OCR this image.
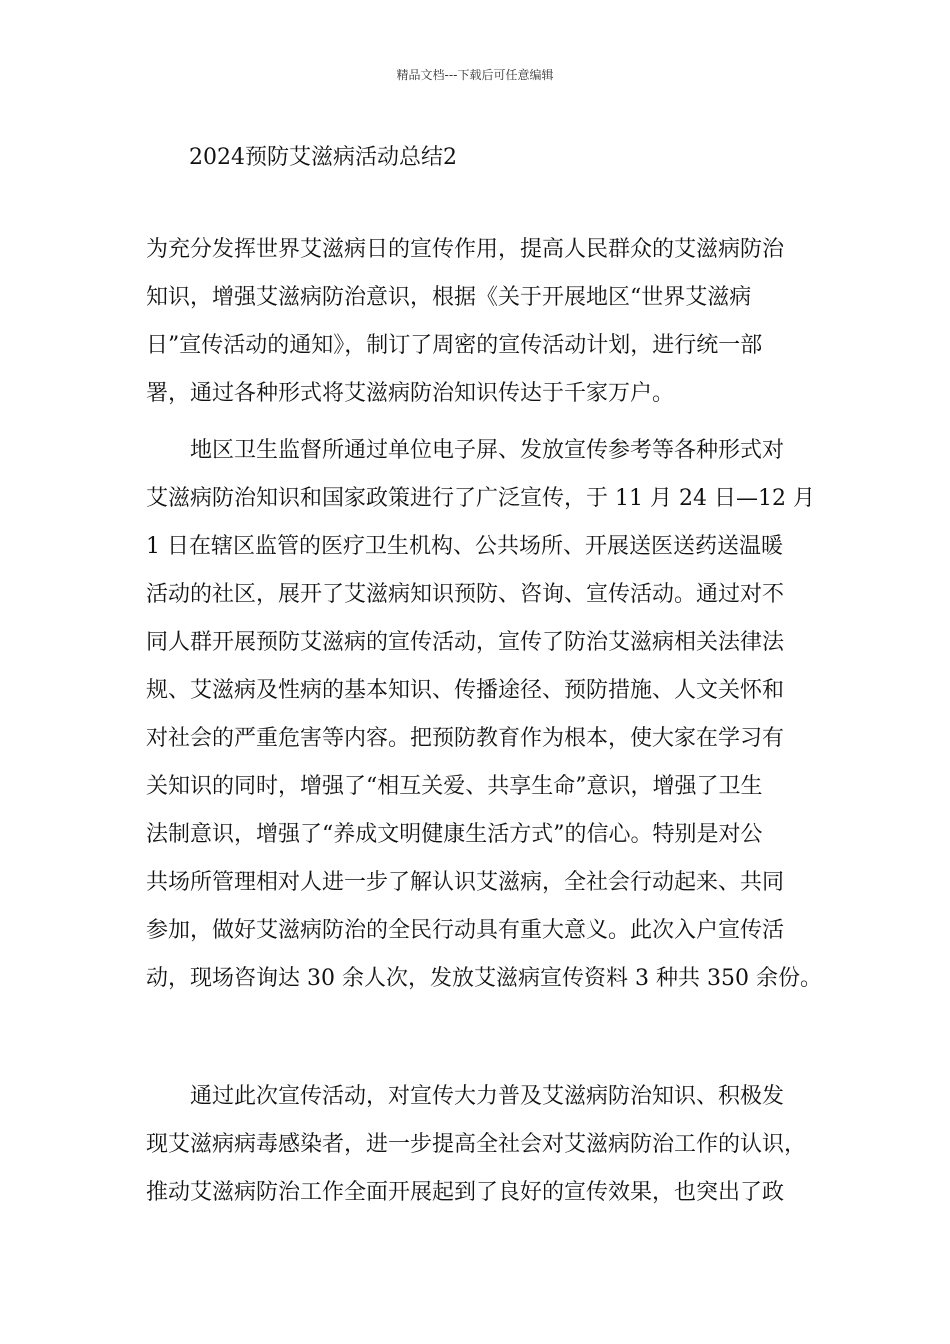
精品文档---下载后可任意编辑
2024预防艾滋病活动总结2
为充分发挥世界艾滋病日的宣传作用，提高人民群众的艾滋病防治
知识，增强艾滋病防治意识，根据《关于开展地区“世界艾滋病
日”宣传活动的通知》，制订了周密的宣传活动计划，进行统一部
署，通过各种形式将艾滋病防治知识传达于千家万户。
地区卫生监督所通过单位电子屏、发放宣传参考等各种形式对
艾滋病防治知识和国家政策进行了广泛宣传，于 11 月 24 日—12 月
1 日在辖区监管的医疗卫生机构、公共场所、开展送医送药送温暖
活动的社区，展开了艾滋病知识预防、咨询、宣传活动。通过对不
同人群开展预防艾滋病的宣传活动，宣传了防治艾滋病相关法律法
规、艾滋病及性病的基本知识、传播途径、预防措施、人文关怀和
对社会的严重危害等内容。把预防教育作为根本，使大家在学习有
关知识的同时，增强了“相互关爱、共享生命”意识，增强了卫生
法制意识，增强了“养成文明健康生活方式”的信心。特别是对公
共场所管理相对人进一步了解认识艾滋病，全社会行动起来、共同
参加，做好艾滋病防治的全民行动具有重大意义。此次入户宣传活
动，现场咨询达 30 余人次，发放艾滋病宣传资料 3 种共 350 余份。
通过此次宣传活动，对宣传大力普及艾滋病防治知识、积极发
现艾滋病病毒感染者，进一步提高全社会对艾滋病防治工作的认识，
推动艾滋病防治工作全面开展起到了良好的宣传效果，也突出了政
